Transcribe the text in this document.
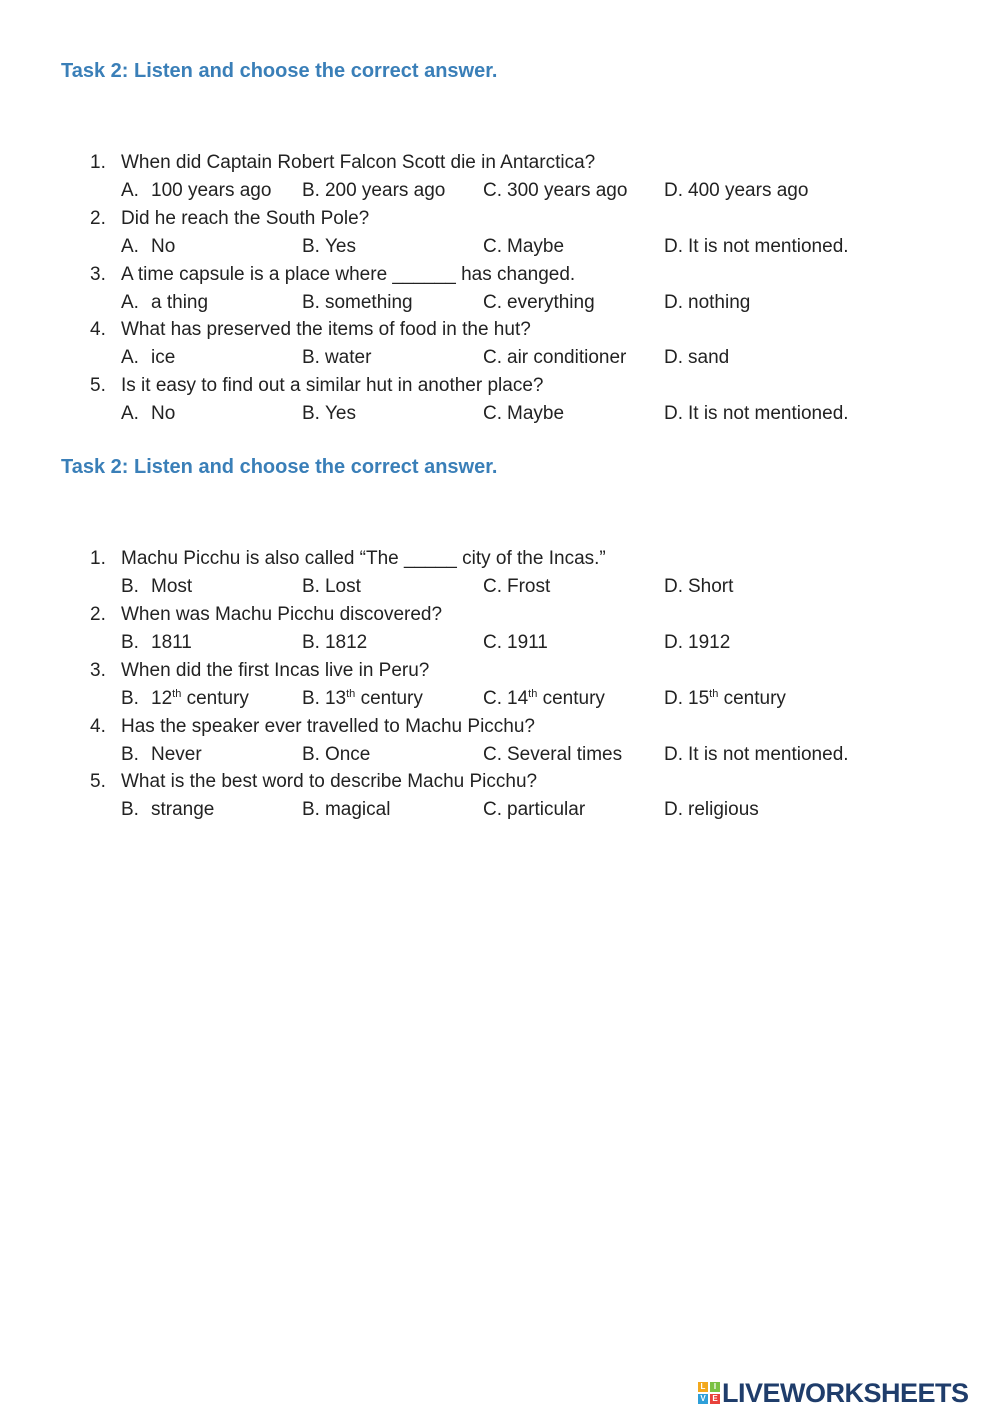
Task 2: Listen and choose the correct answer.
1. When did Captain Robert Falcon Scott die in Antarctica?
A. 100 years ago B. 200 years ago C. 300 years ago D. 400 years ago
2. Did he reach the South Pole?
A. No	B. Yes	C. Maybe	D. It is not mentioned.
3. A time capsule is a place where ______ has changed.
A. a thing	B. something	C. everything	D. nothing
4. What has preserved the items of food in the hut?
A. ice	B. water	C. air conditioner D. sand
5. Is it easy to find out a similar hut in another place?
A. No	B. Yes	C. Maybe	D. It is not mentioned.
Task 2: Listen and choose the correct answer.
1. Machu Picchu is also called “The _____ city of the Incas.”
B. Most	B. Lost	C. Frost	D. Short
2. When was Machu Picchu discovered?
B. 1811	B. 1812	C. 1911	D. 1912
3. When did the first Incas live in Peru?
B. 12th century	B. 13th century	C. 14th century	D. 15th century
4. Has the speaker ever travelled to Machu Picchu?
B. Never	B. Once	C. Several times D. It is not mentioned.
5. What is the best word to describe Machu Picchu?
B. strange	B. magical	C. particular	D. religious
L	I
V E LIVEWORKSHEETS
